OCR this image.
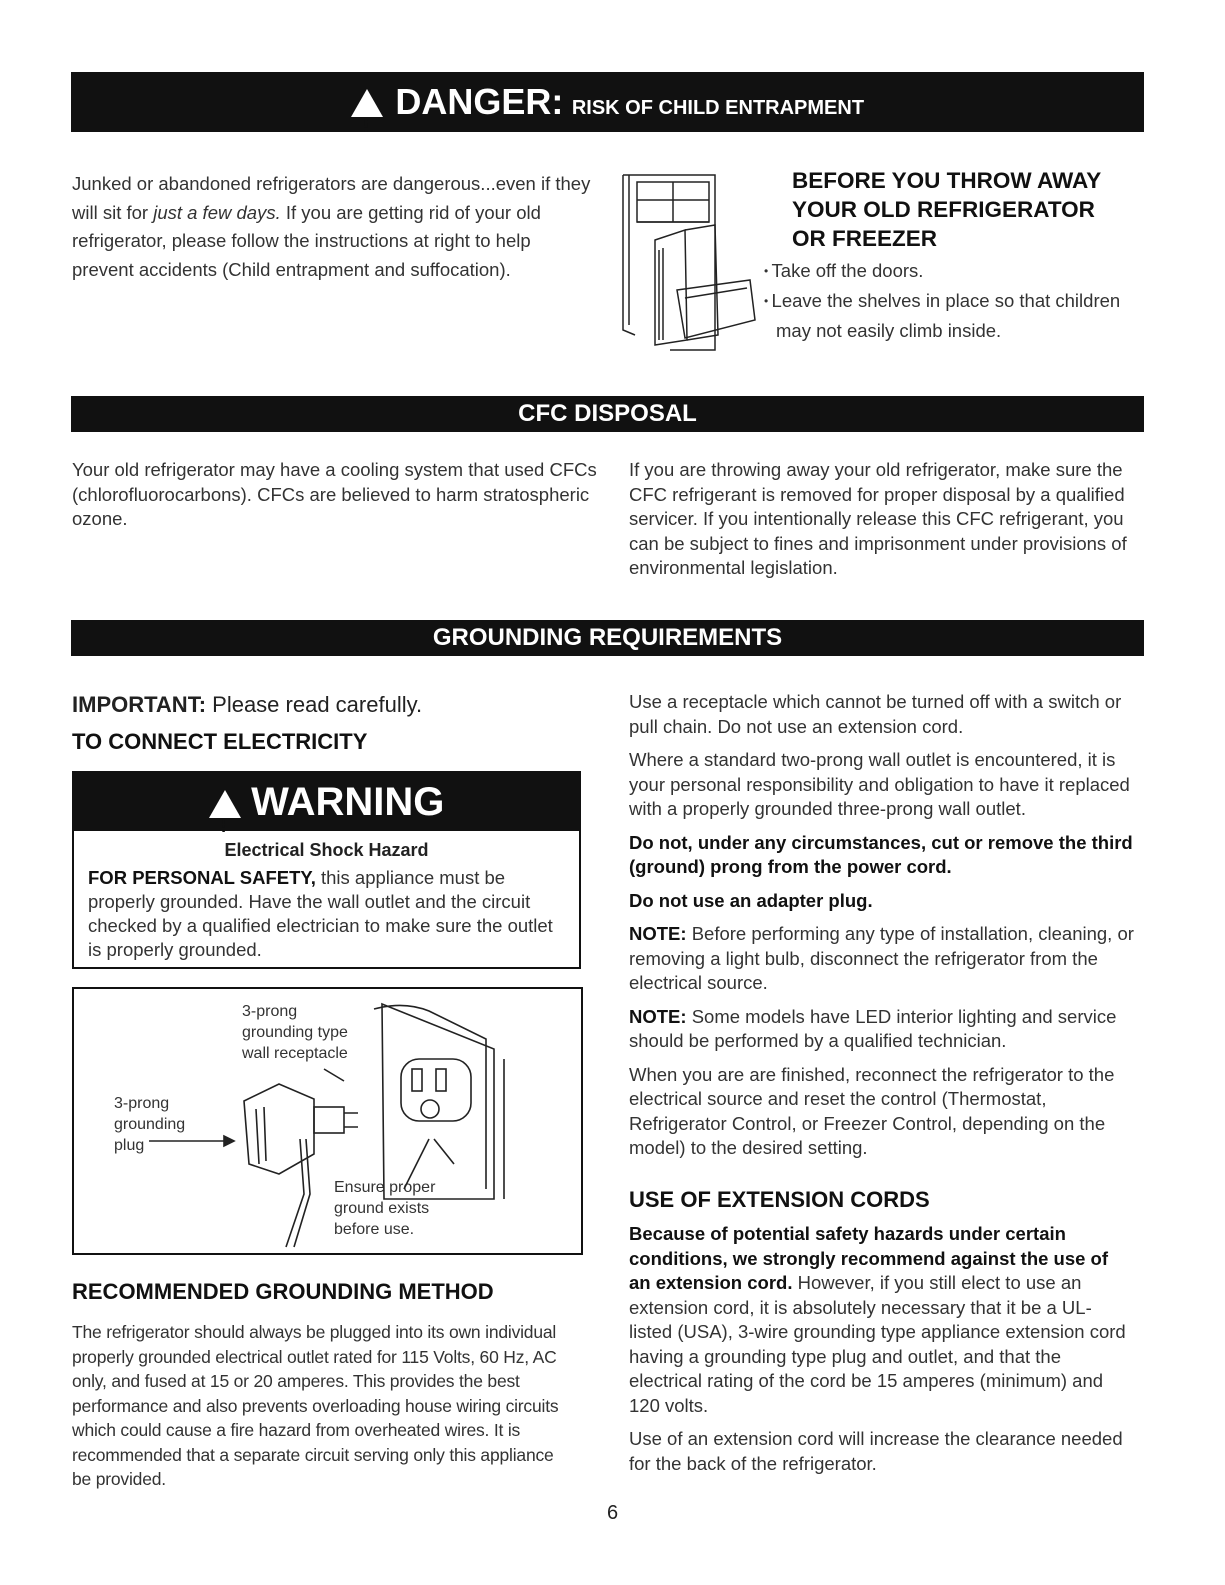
! DANGER: RISK OF CHILD ENTRAPMENT
Junked or abandoned refrigerators are dangerous...even if they will sit for just a few days. If you are getting rid of your old refrigerator, please follow the instructions at right to help prevent accidents (Child entrapment and suffocation).
BEFORE YOU THROW AWAY YOUR OLD REFRIGERATOR OR FREEZER
• Take off the doors.
• Leave the shelves in place so that children may not easily climb inside.
CFC DISPOSAL
Your old refrigerator may have a cooling system that used CFCs (chlorofluorocarbons). CFCs are believed to harm stratospheric ozone.
If you are throwing away your old refrigerator, make sure the CFC refrigerant is removed for proper disposal by a qualified servicer. If you intentionally release this CFC refrigerant, you can be subject to fines and imprisonment under provisions of environmental legislation.
GROUNDING REQUIREMENTS
IMPORTANT: Please read carefully.
TO CONNECT ELECTRICITY
! WARNING
Electrical Shock Hazard
FOR PERSONAL SAFETY, this appliance must be properly grounded. Have the wall outlet and the circuit checked by a qualified electrician to make sure the outlet is properly grounded.
3-prong grounding type wall receptacle
3-prong grounding plug
Ensure proper ground exists before use.
RECOMMENDED GROUNDING METHOD
The refrigerator should always be plugged into its own individual properly grounded electrical outlet rated for 115 Volts, 60 Hz, AC only, and fused at 15 or 20 amperes. This provides the best performance and also prevents overloading house wiring circuits which could cause a fire hazard from overheated wires. It is recommended that a separate circuit serving only this appliance be provided.

Use a receptacle which cannot be turned off with a switch or pull chain. Do not use an extension cord.

Where a standard two-prong wall outlet is encountered, it is your personal responsibility and obligation to have it replaced with a properly grounded three-prong wall outlet.

Do not, under any circumstances, cut or remove the third (ground) prong from the power cord.

Do not use an adapter plug.

NOTE: Before performing any type of installation, cleaning, or removing a light bulb, disconnect the refrigerator from the electrical source.

NOTE: Some models have LED interior lighting and service should be performed by a qualified technician.

When you are are finished, reconnect the refrigerator to the electrical source and reset the control (Thermostat, Refrigerator Control, or Freezer Control, depending on the model) to the desired setting.

USE OF EXTENSION CORDS

Because of potential safety hazards under certain conditions, we strongly recommend against the use of an extension cord. However, if you still elect to use an extension cord, it is absolutely necessary that it be a UL-listed (USA), 3-wire grounding type appliance extension cord having a grounding type plug and outlet, and that the electrical rating of the cord be 15 amperes (minimum) and 120 volts.

Use of an extension cord will increase the clearance needed for the back of the refrigerator.

6
